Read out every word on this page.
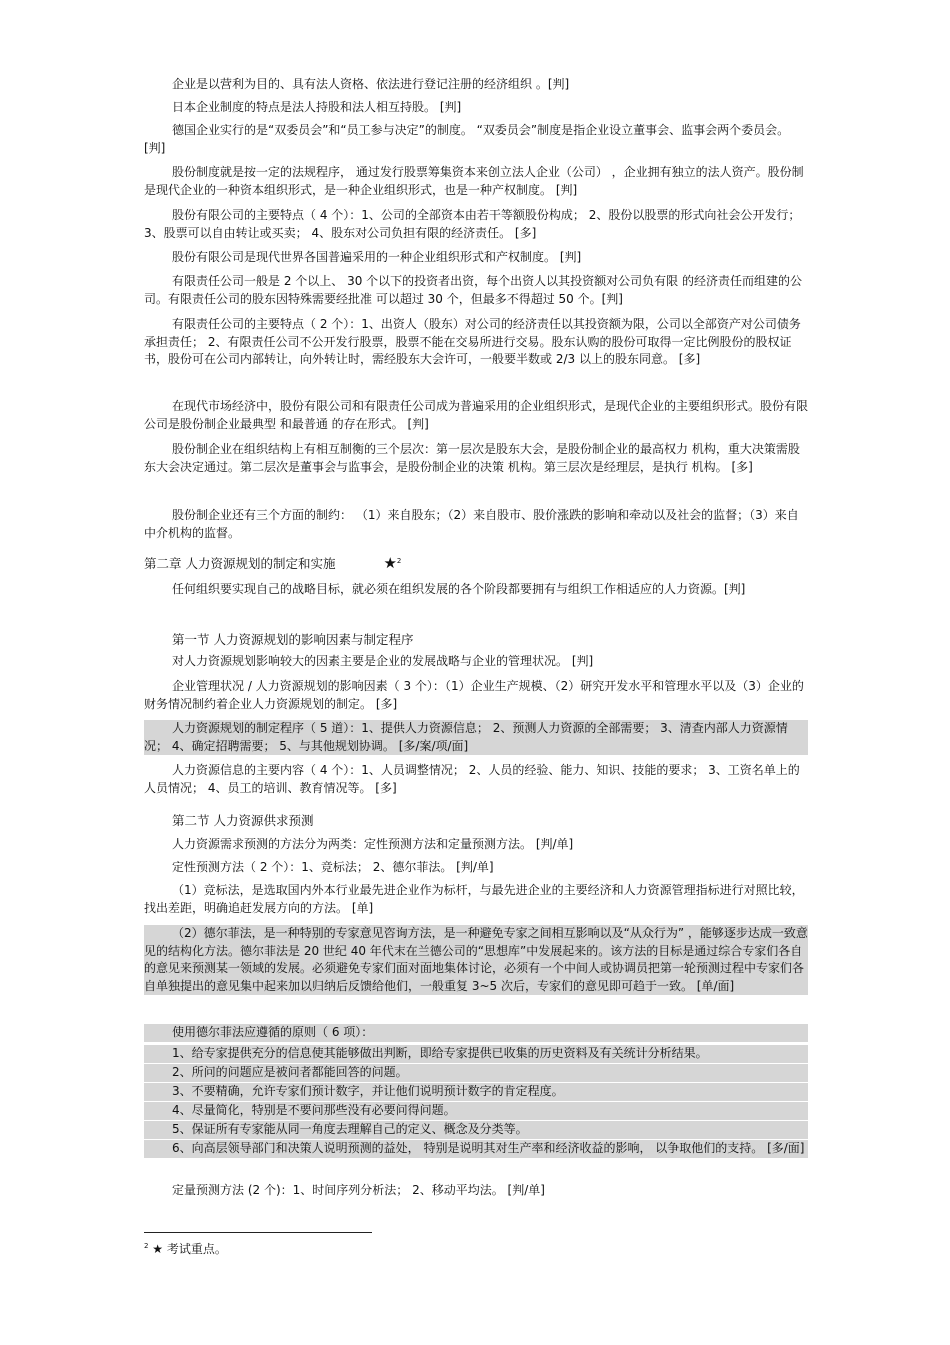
企业是以营利为目的、具有法人资格、依法进行登记注册的经济组织 。[判]
日本企业制度的特点是法人持股和法人相互持股。 [判]
德国企业实行的是“双委员会”和“员工参与决定”的制度。 “双委员会”制度是指企业设立董事会、监事会两个委员会。 [判]
股份制度就是按一定的法规程序， 通过发行股票筹集资本来创立法人企业（公司） ，企业拥有独立的法人资产。股份制是现代企业的一种资本组织形式，是一种企业组织形式，也是一种产权制度。 [判]
股份有限公司的主要特点（ 4 个）：1、公司的全部资本由若干等额股份构成； 2、股份以股票的形式向社会公开发行； 3、股票可以自由转让或买卖； 4、股东对公司负担有限的经济责任。 [多]
股份有限公司是现代世界各国普遍采用的一种企业组织形式和产权制度。 [判]
有限责任公司一般是 2 个以上、 30 个以下的投资者出资，每个出资人以其投资额对公司负有限 的经济责任而组建的公司。有限责任公司的股东因特殊需要经批准 可以超过 30 个，但最多不得超过 50 个。[判]
有限责任公司的主要特点（ 2 个）：1、出资人（股东）对公司的经济责任以其投资额为限，公司以全部资产对公司债务承担责任； 2、有限责任公司不公开发行股票，股票不能在交易所进行交易。股东认购的股份可取得一定比例股份的股权证书，股份可在公司内部转让，向外转让时，需经股东大会许可，一般要半数或 2/3 以上的股东同意。 [多]
在现代市场经济中，股份有限公司和有限责任公司成为普遍采用的企业组织形式，是现代企业的主要组织形式。股份有限公司是股份制企业最典型 和最普通 的存在形式。 [判]
股份制企业在组织结构上有相互制衡的三个层次：第一层次是股东大会，是股份制企业的最高权力 机构，重大决策需股东大会决定通过。第二层次是董事会与监事会，是股份制企业的决策 机构。第三层次是经理层，是执行 机构。 [多]
股份制企业还有三个方面的制约： （1）来自股东；（2）来自股市、股价涨跌的影响和牵动以及社会的监督；（3）来自中介机构的监督。
第二章 人力资源规划的制定和实施	★$^2$
任何组织要实现自己的战略目标，就必须在组织发展的各个阶段都要拥有与组织工作相适应的人力资源。[判]
第一节 人力资源规划的影响因素与制定程序
对人力资源规划影响较大的因素主要是企业的发展战略与企业的管理状况。 [判]
企业管理状况 / 人力资源规划的影响因素（ 3 个）：（1）企业生产规模、（2）研究开发水平和管理水平以及（3）企业的财务情况制约着企业人力资源规划的制定。 [多]
人力资源规划的制定程序（ 5 道）：1、提供人力资源信息； 2、预测人力资源的全部需要； 3、清查内部人力资源情况； 4、确定招聘需要； 5、与其他规划协调。 [多/案/项/面]
人力资源信息的主要内容（ 4 个）：1、人员调整情况； 2、人员的经验、能力、知识、技能的要求； 3、工资名单上的人员情况； 4、员工的培训、教育情况等。 [多]
第二节 人力资源供求预测
人力资源需求预测的方法分为两类：定性预测方法和定量预测方法。 [判/单]
定性预测方法（ 2 个）：1、竞标法； 2、德尔菲法。 [判/单]
（1）竞标法，是选取国内外本行业最先进企业作为标杆，与最先进企业的主要经济和人力资源管理指标进行对照比较，找出差距，明确追赶发展方向的方法。 [单]
（2）德尔菲法，是一种特别的专家意见咨询方法，是一种避免专家之间相互影响以及“从众行为” ，能够逐步达成一致意见的结构化方法。德尔菲法是 20 世纪 40 年代末在兰德公司的“思想库”中发展起来的。该方法的目标是通过综合专家们各自的意见来预测某一领域的发展。必须避免专家们面对面地集体讨论，必须有一个中间人或协调员把第一轮预测过程中专家们各自单独提出的意见集中起来加以归纳后反馈给他们，一般重复 3~5 次后，专家们的意见即可趋于一致。 [单/面]
使用德尔菲法应遵循的原则（ 6 项）：
1、给专家提供充分的信息使其能够做出判断，即给专家提供已收集的历史资料及有关统计分析结果。
2、所问的问题应是被问者都能回答的问题。
3、不要精确，允许专家们预计数字，并让他们说明预计数字的肯定程度。
4、尽量简化，特别是不要问那些没有必要问得问题。
5、保证所有专家能从同一角度去理解自己的定义、概念及分类等。
6、向高层领导部门和决策人说明预测的益处， 特别是说明其对生产率和经济收益的影响， 以争取他们的支持。 [多/面]
定量预测方法 (2 个)：1、时间序列分析法； 2、移动平均法。 [判/单]
$^2$ ★ 考试重点。
